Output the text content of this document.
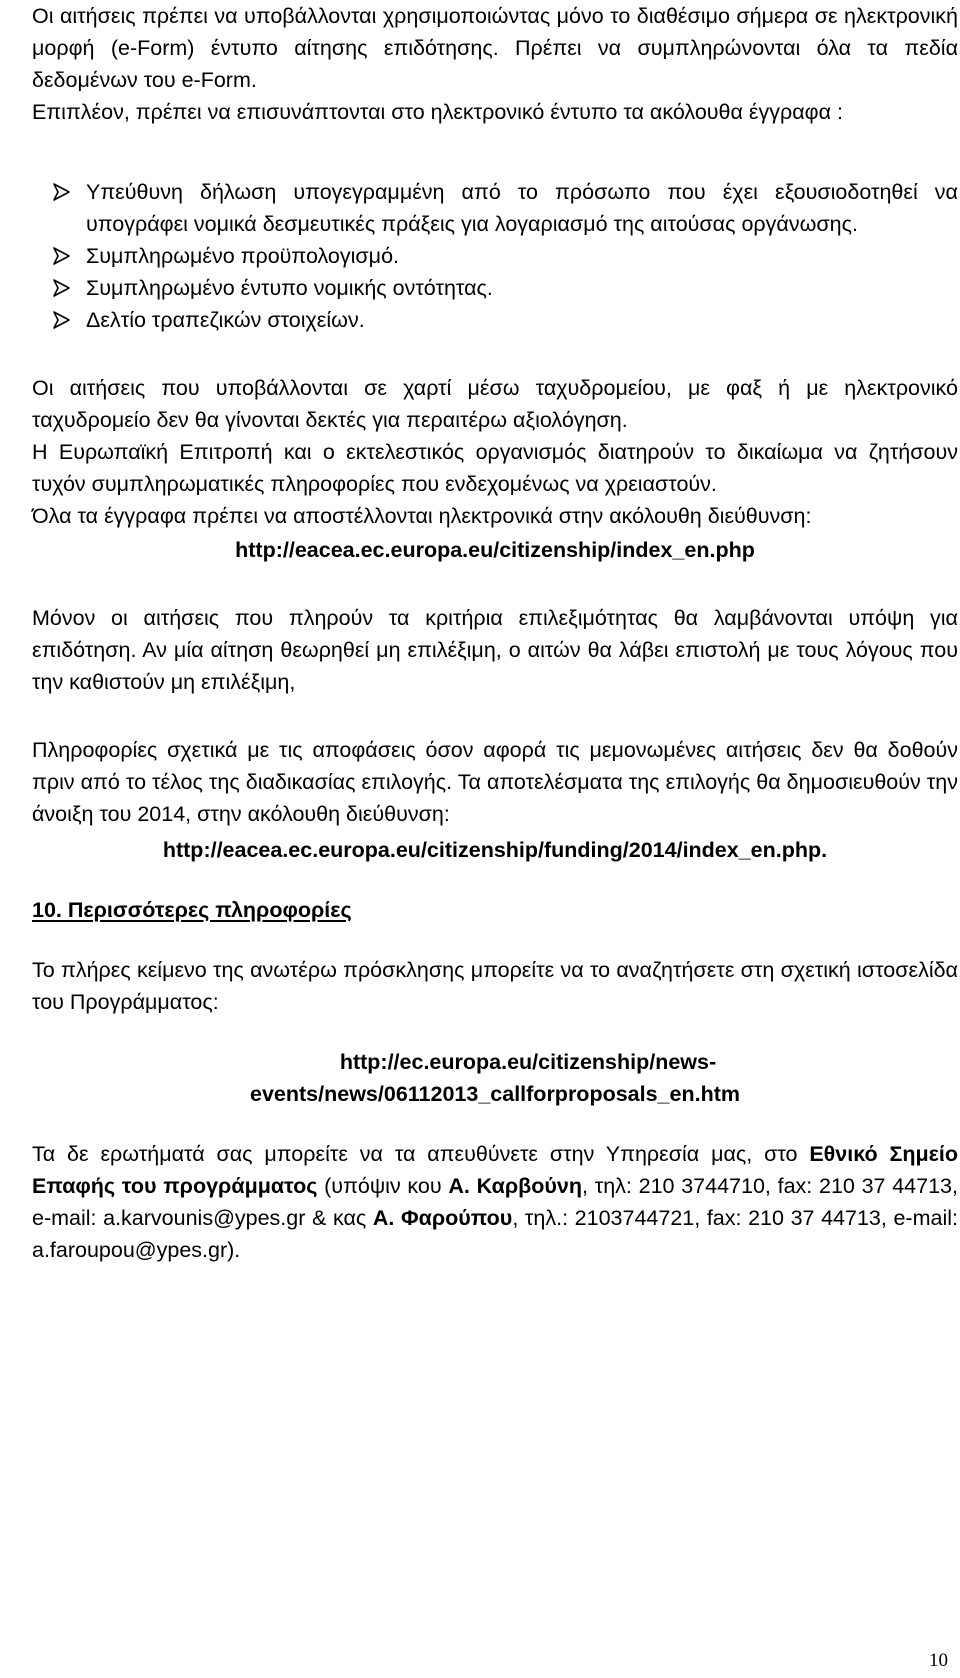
Οι αιτήσεις πρέπει να υποβάλλονται χρησιμοποιώντας μόνο το διαθέσιμο σήμερα σε ηλεκτρονική μορφή (e-Form) έντυπο αίτησης επιδότησης. Πρέπει να συμπληρώνονται όλα τα πεδία δεδομένων του e-Form.

Επιπλέον, πρέπει να επισυνάπτονται στο ηλεκτρονικό έντυπο τα ακόλουθα έγγραφα :

Υπεύθυνη δήλωση υπογεγραμμένη από το πρόσωπο που έχει εξουσιοδοτηθεί να υπογράφει νομικά δεσμευτικές πράξεις για λογαριασμό της αιτούσας οργάνωσης.
Συμπληρωμένο προϋπολογισμό.
Συμπληρωμένο έντυπο νομικής οντότητας.
Δελτίο τραπεζικών στοιχείων.

Οι αιτήσεις που υποβάλλονται σε χαρτί μέσω ταχυδρομείου, με φαξ ή με ηλεκτρονικό ταχυδρομείο δεν θα γίνονται δεκτές για περαιτέρω αξιολόγηση.

Η Ευρωπαϊκή Επιτροπή και ο εκτελεστικός οργανισμός διατηρούν το δικαίωμα να ζητήσουν τυχόν συμπληρωματικές πληροφορίες που ενδεχομένως να χρειαστούν.

Όλα τα έγγραφα πρέπει να αποστέλλονται ηλεκτρονικά στην ακόλουθη διεύθυνση:

http://eacea.ec.europa.eu/citizenship/index_en.php

Μόνον οι αιτήσεις που πληρούν τα κριτήρια επιλεξιμότητας θα λαμβάνονται υπόψη για επιδότηση. Αν μία αίτηση θεωρηθεί μη επιλέξιμη, ο αιτών θα λάβει επιστολή με τους λόγους που την καθιστούν μη επιλέξιμη,

Πληροφορίες σχετικά με τις αποφάσεις όσον αφορά τις μεμονωμένες αιτήσεις δεν θα δοθούν πριν από το τέλος της διαδικασίας επιλογής. Τα αποτελέσματα της επιλογής θα δημοσιευθούν την άνοιξη του 2014, στην ακόλουθη διεύθυνση:

http://eacea.ec.europa.eu/citizenship/funding/2014/index_en.php.

10. Περισσότερες πληροφορίες

Το πλήρες κείμενο της ανωτέρω πρόσκλησης μπορείτε να το αναζητήσετε στη σχετική ιστοσελίδα του Προγράμματος:

http://ec.europa.eu/citizenship/news-

events/news/06112013_callforproposals_en.htm

Τα δε ερωτήματά σας μπορείτε να τα απευθύνετε στην Υπηρεσία μας, στο Εθνικό Σημείο Επαφής του προγράμματος (υπόψιν κου Α. Καρβούνη, τηλ: 210 3744710, fax: 210 37 44713, e-mail: a.karvounis@ypes.gr & κας Α. Φαρούπου, τηλ.: 2103744721, fax: 210 37 44713, e-mail: a.faroupou@ypes.gr).

10
